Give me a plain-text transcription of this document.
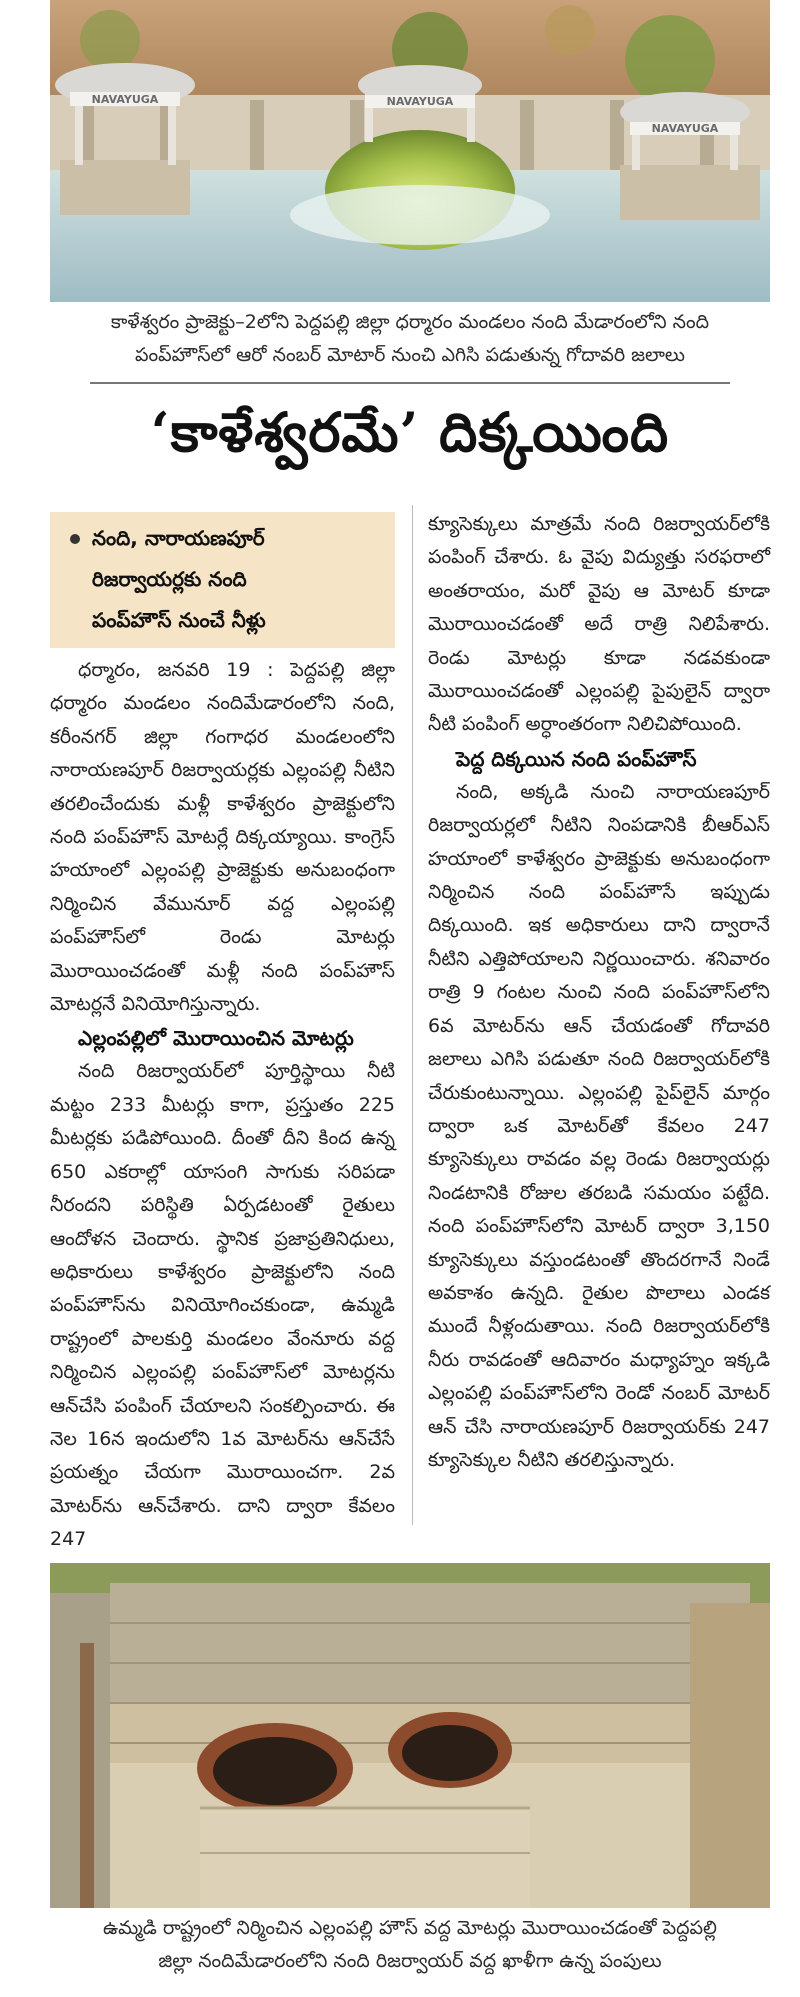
NAVAYUGA	NAVAYUGA
NAVAYUGA
కాళేశ్వరం ప్రాజెక్టు–2లోని పెద్దపల్లి జిల్లా ధర్మారం మండలం నంది మేడారంలోని నంది
పంప్‌హౌస్‌లో ఆరో నంబర్ మోటార్ నుంచి ఎగిసి పడుతున్న గోదావరి జలాలు
‘కాళేశ్వరమే’ దిక్కయింది
నంది, నారాయణపూర్
రిజర్వాయర్లకు నంది
పంప్‌హౌస్ నుంచే నీళ్లు

ధర్మారం, జనవరి 19 : పెద్దపల్లి జిల్లా ధర్మారం మండలం నందిమేడారంలోని నంది, కరీంనగర్ జిల్లా గంగాధర మండలంలోని నారాయణపూర్ రిజర్వాయర్లకు ఎల్లంపల్లి నీటిని తరలించేందుకు మళ్లీ కాళేశ్వరం ప్రాజెక్టులోని నంది పంప్‌హౌస్ మోటర్లే దిక్కయ్యాయి. కాంగ్రెస్ హయాంలో ఎల్లంపల్లి ప్రాజెక్టుకు అనుబంధంగా నిర్మించిన వేమునూర్ వద్ద ఎల్లంపల్లి పంప్‌హౌస్‌లో రెండు మోటర్లు మొరాయించడంతో మళ్లీ నంది పంప్‌హౌస్ మోటర్లనే వినియోగిస్తున్నారు.

ఎల్లంపల్లిలో మొరాయించిన మోటర్లు

నంది రిజర్వాయర్‌లో పూర్తిస్థాయి నీటి మట్టం 233 మీటర్లు కాగా, ప్రస్తుతం 225 మీటర్లకు పడిపోయింది. దీంతో దీని కింద ఉన్న 650 ఎకరాల్లో యాసంగి సాగుకు సరిపడా నీరందని పరిస్థితి ఏర్పడటంతో రైతులు ఆందోళన చెందారు. స్థానిక ప్రజాప్రతినిధులు, అధికారులు కాళేశ్వరం ప్రాజెక్టులోని నంది పంప్‌హౌస్‌ను వినియోగించకుండా, ఉమ్మడి రాష్ట్రంలో పాలకుర్తి మండలం వేంనూరు వద్ద నిర్మించిన ఎల్లంపల్లి పంప్‌హౌస్‌లో మోటర్లను ఆన్‌చేసి పంపింగ్ చేయాలని సంకల్పించారు. ఈ నెల 16న ఇందులోని 1వ మోటర్‌ను ఆన్‌చేసే ప్రయత్నం చేయగా మొరాయించగా. 2వ మోటర్‌ను ఆన్‌చేశారు. దాని ద్వారా కేవలం 247

క్యూసెక్కులు మాత్రమే నంది రిజర్వాయర్‌లోకి పంపింగ్ చేశారు. ఓ వైపు విద్యుత్తు సరఫరాలో అంతరాయం, మరో వైపు ఆ మోటర్ కూడా మొరాయించడంతో అదే రాత్రి నిలిపేశారు. రెండు మోటర్లు కూడా నడవకుండా మొరాయించడంతో ఎల్లంపల్లి పైపులైన్ ద్వారా నీటి పంపింగ్ అర్ధాంతరంగా నిలిచిపోయింది.

పెద్ద దిక్కయిన నంది పంప్‌హౌస్

నంది, అక్కడి నుంచి నారాయణపూర్ రిజర్వాయర్లలో నీటిని నింపడానికి బీఆర్‌ఎస్ హయాంలో కాళేశ్వరం ప్రాజెక్టుకు అనుబంధంగా నిర్మించిన నంది పంప్‌హౌసే ఇప్పుడు దిక్కయింది. ఇక అధికారులు దాని ద్వారానే నీటిని ఎత్తిపోయాలని నిర్ణయించారు. శనివారం రాత్రి 9 గంటల నుంచి నంది పంప్‌హౌస్‌లోని 6వ మోటర్‌ను ఆన్ చేయడంతో గోదావరి జలాలు ఎగిసి పడుతూ నంది రిజర్వాయర్‌లోకి చేరుకుంటున్నాయి. ఎల్లంపల్లి పైప్‌లైన్ మార్గం ద్వారా ఒక మోటర్‌తో కేవలం 247 క్యూసెక్కులు రావడం వల్ల రెండు రిజర్వాయర్లు నిండటానికి రోజుల తరబడి సమయం పట్టేది. నంది పంప్‌హౌస్‌లోని మోటర్ ద్వారా 3,150 క్యూసెక్కులు వస్తుండటంతో తొందరగానే నిండే అవకాశం ఉన్నది. రైతుల పొలాలు ఎండక ముందే నీళ్లందుతాయి. నంది రిజర్వాయర్‌లోకి నీరు రావడంతో ఆదివారం మధ్యాహ్నం ఇక్కడి ఎల్లంపల్లి పంప్‌హౌస్‌లోని రెండో నంబర్ మోటర్ ఆన్ చేసి నారాయణపూర్ రిజర్వాయర్‌కు 247 క్యూసెక్కుల నీటిని తరలిస్తున్నారు.

ఉమ్మడి రాష్ట్రంలో నిర్మించిన ఎల్లంపల్లి హౌస్ వద్ద మోటర్లు మొరాయించడంతో పెద్దపల్లి
జిల్లా నందిమేడారంలోని నంది రిజర్వాయర్ వద్ద ఖాళీగా ఉన్న పంపులు
